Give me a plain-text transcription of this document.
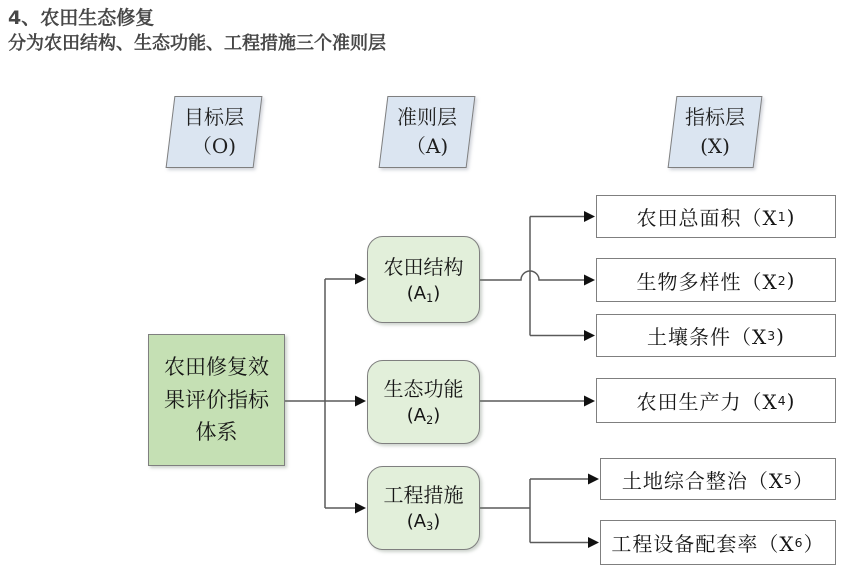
4、农田生态修复
分为农田结构、生态功能、工程措施三个准则层
目标层
（O)
准则层
（A)
指标层
(X)
农田修复效
果评价指标
体系
农田结构
(A1)
生态功能
(A2)
工程措施
(A3)
农田总面积（X 1 )
生物多样性（X 2 )
土壤条件（X 3 )
农田生产力（X 4 )
土地综合整治（X 5 ）
工程设备配套率（X 6 ）
